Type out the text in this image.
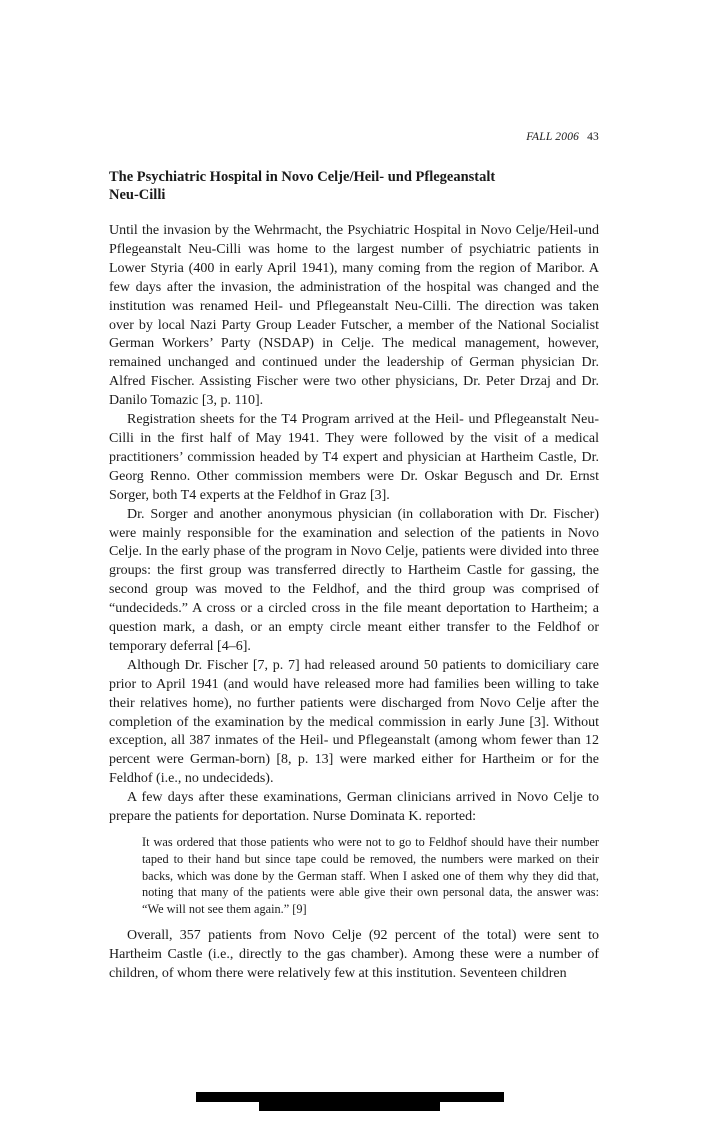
FALL 2006 43
The Psychiatric Hospital in Novo Celje/Heil- und Pflegeanstalt
Neu-Cilli

Until the invasion by the Wehrmacht, the Psychiatric Hospital in Novo Celje/Heil-und Pflegeanstalt Neu-Cilli was home to the largest number of psychiatric patients in Lower Styria (400 in early April 1941), many coming from the region of Maribor. A few days after the invasion, the administration of the hospital was changed and the institution was renamed Heil- und Pflegeanstalt Neu-Cilli. The direction was taken over by local Nazi Party Group Leader Futscher, a member of the National Socialist German Workers’ Party (NSDAP) in Celje. The medical management, however, remained unchanged and continued under the leadership of German physician Dr. Alfred Fischer. Assisting Fischer were two other physicians, Dr. Peter Drzaj and Dr. Danilo Tomazic [3, p. 110].

Registration sheets for the T4 Program arrived at the Heil- und Pflegeanstalt Neu-Cilli in the first half of May 1941. They were followed by the visit of a medical practitioners’ commission headed by T4 expert and physician at Hartheim Castle, Dr. Georg Renno. Other commission members were Dr. Oskar Begusch and Dr. Ernst Sorger, both T4 experts at the Feldhof in Graz [3].

Dr. Sorger and another anonymous physician (in collaboration with Dr. Fischer) were mainly responsible for the examination and selection of the patients in Novo Celje. In the early phase of the program in Novo Celje, patients were divided into three groups: the first group was transferred directly to Hartheim Castle for gassing, the second group was moved to the Feldhof, and the third group was comprised of “undecideds.” A cross or a circled cross in the file meant deportation to Hartheim; a question mark, a dash, or an empty circle meant either transfer to the Feldhof or temporary deferral [4–6].

Although Dr. Fischer [7, p. 7] had released around 50 patients to domiciliary care prior to April 1941 (and would have released more had families been willing to take their relatives home), no further patients were discharged from Novo Celje after the completion of the examination by the medical commission in early June [3]. Without exception, all 387 inmates of the Heil- und Pflegeanstalt (among whom fewer than 12 percent were German-born) [8, p. 13] were marked either for Hartheim or for the Feldhof (i.e., no undecideds).

A few days after these examinations, German clinicians arrived in Novo Celje to prepare the patients for deportation. Nurse Dominata K. reported:

It was ordered that those patients who were not to go to Feldhof should have their number taped to their hand but since tape could be removed, the numbers were marked on their backs, which was done by the German staff. When I asked one of them why they did that, noting that many of the patients were able give their own personal data, the answer was: “We will not see them again.” [9]

Overall, 357 patients from Novo Celje (92 percent of the total) were sent to Hartheim Castle (i.e., directly to the gas chamber). Among these were a number of children, of whom there were relatively few at this institution. Seventeen children
